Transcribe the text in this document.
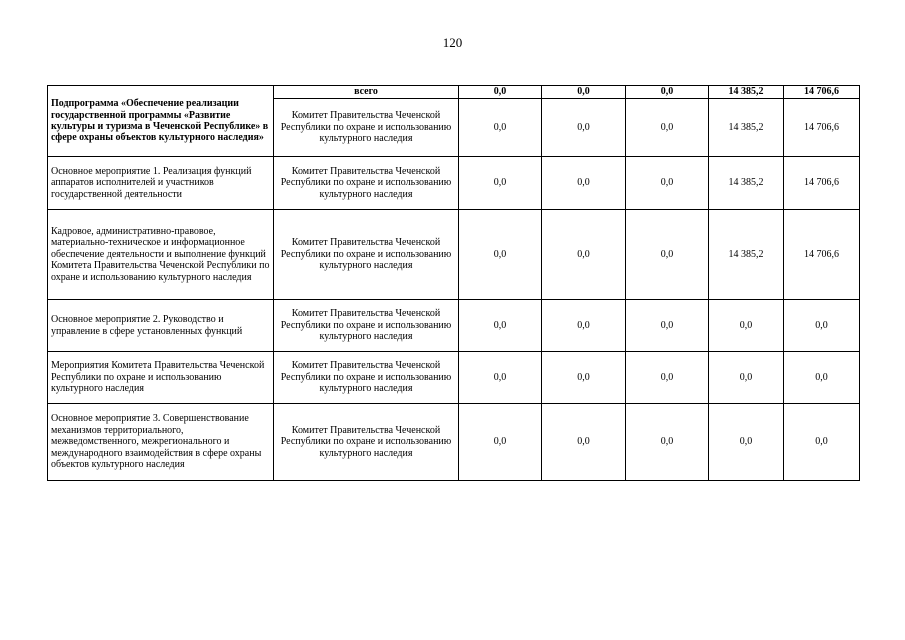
120
Подпрограмма «Обеспечение реализации государственной программы «Развитие культуры и туризма в Чеченской Республике» в сфере охраны объектов культурного наследия»	всего	0,0	0,0	0,0	14 385,2	14 706,6
	Комитет Правительства Чеченской Республики по охране и использованию культурного наследия	0,0	0,0	0,0	14 385,2	14 706,6
Основное мероприятие 1. Реализация функций аппаратов исполнителей и участников государственной деятельности	Комитет Правительства Чеченской Республики по охране и использованию культурного наследия	0,0	0,0	0,0	14 385,2	14 706,6
Кадровое, административно-правовое, материально-техническое и информационное обеспечение деятельности и выполнение функций Комитета Правительства Чеченской Республики по охране и использованию культурного наследия	Комитет Правительства Чеченской Республики по охране и использованию культурного наследия	0,0	0,0	0,0	14 385,2	14 706,6
Основное мероприятие 2. Руководство и управление в сфере установленных функций	Комитет Правительства Чеченской Республики по охране и использованию культурного наследия	0,0	0,0	0,0	0,0	0,0
Мероприятия Комитета Правительства Чеченской Республики по охране и использованию культурного наследия	Комитет Правительства Чеченской Республики по охране и использованию культурного наследия	0,0	0,0	0,0	0,0	0,0
Основное мероприятие 3. Совершенствование механизмов территориального, межведомственного, межрегионального и международного взаимодействия в сфере охраны объектов культурного наследия	Комитет Правительства Чеченской Республики по охране и использованию культурного наследия	0,0	0,0	0,0	0,0	0,0
